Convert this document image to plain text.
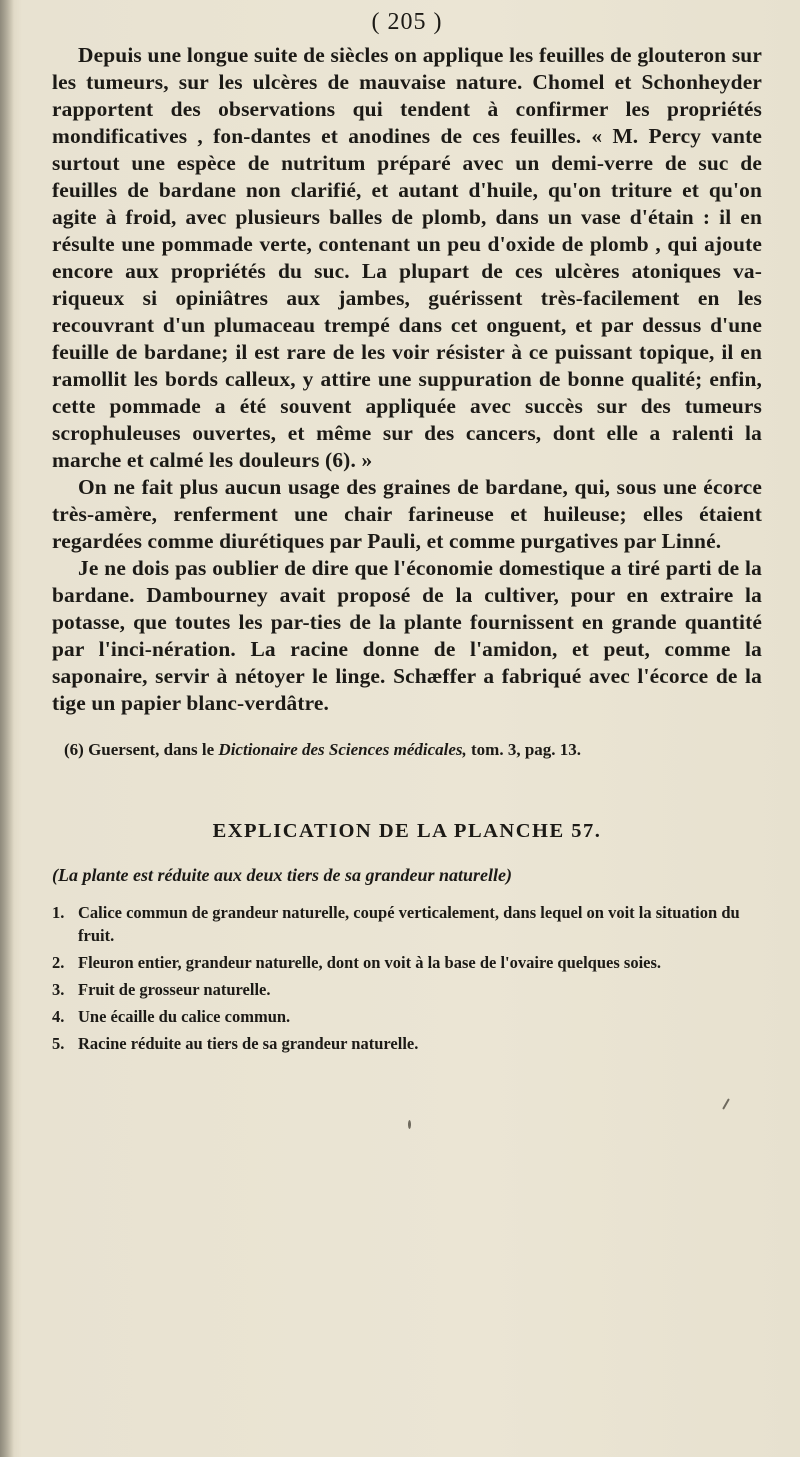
( 205 )

Depuis une longue suite de siècles on applique les feuilles de glouteron sur les tumeurs, sur les ulcères de mauvaise nature. Chomel et Schonheyder rapportent des observations qui tendent à confirmer les propriétés mondificatives , fon-dantes et anodines de ces feuilles. « M. Percy vante surtout une espèce de nutritum préparé avec un demi-verre de suc de feuilles de bardane non clarifié, et autant d'huile, qu'on triture et qu'on agite à froid, avec plusieurs balles de plomb, dans un vase d'étain : il en résulte une pommade verte, contenant un peu d'oxide de plomb , qui ajoute encore aux propriétés du suc. La plupart de ces ulcères atoniques va-riqueux si opiniâtres aux jambes, guérissent très-facilement en les recouvrant d'un plumaceau trempé dans cet onguent, et par dessus d'une feuille de bardane; il est rare de les voir résister à ce puissant topique, il en ramollit les bords calleux, y attire une suppuration de bonne qualité; enfin, cette pommade a été souvent appliquée avec succès sur des tumeurs scrophuleuses ouvertes, et même sur des cancers, dont elle a ralenti la marche et calmé les douleurs (6). »

On ne fait plus aucun usage des graines de bardane, qui, sous une écorce très-amère, renferment une chair farineuse et huileuse; elles étaient regardées comme diurétiques par Pauli, et comme purgatives par Linné.

Je ne dois pas oublier de dire que l'économie domestique a tiré parti de la bardane. Dambourney avait proposé de la cultiver, pour en extraire la potasse, que toutes les par-ties de la plante fournissent en grande quantité par l'inci-nération. La racine donne de l'amidon, et peut, comme la saponaire, servir à nétoyer le linge. Schæffer a fabriqué avec l'écorce de la tige un papier blanc-verdâtre.

(6) Guersent, dans le Dictionaire des Sciences médicales, tom. 3, pag. 13.

EXPLICATION DE LA PLANCHE 57.
(La plante est réduite aux deux tiers de sa grandeur naturelle)
1. Calice commun de grandeur naturelle, coupé verticalement, dans lequel on voit la situation du fruit.
2. Fleuron entier, grandeur naturelle, dont on voit à la base de l'ovaire quelques soies.
3. Fruit de grosseur naturelle.
4. Une écaille du calice commun.
5. Racine réduite au tiers de sa grandeur naturelle.
